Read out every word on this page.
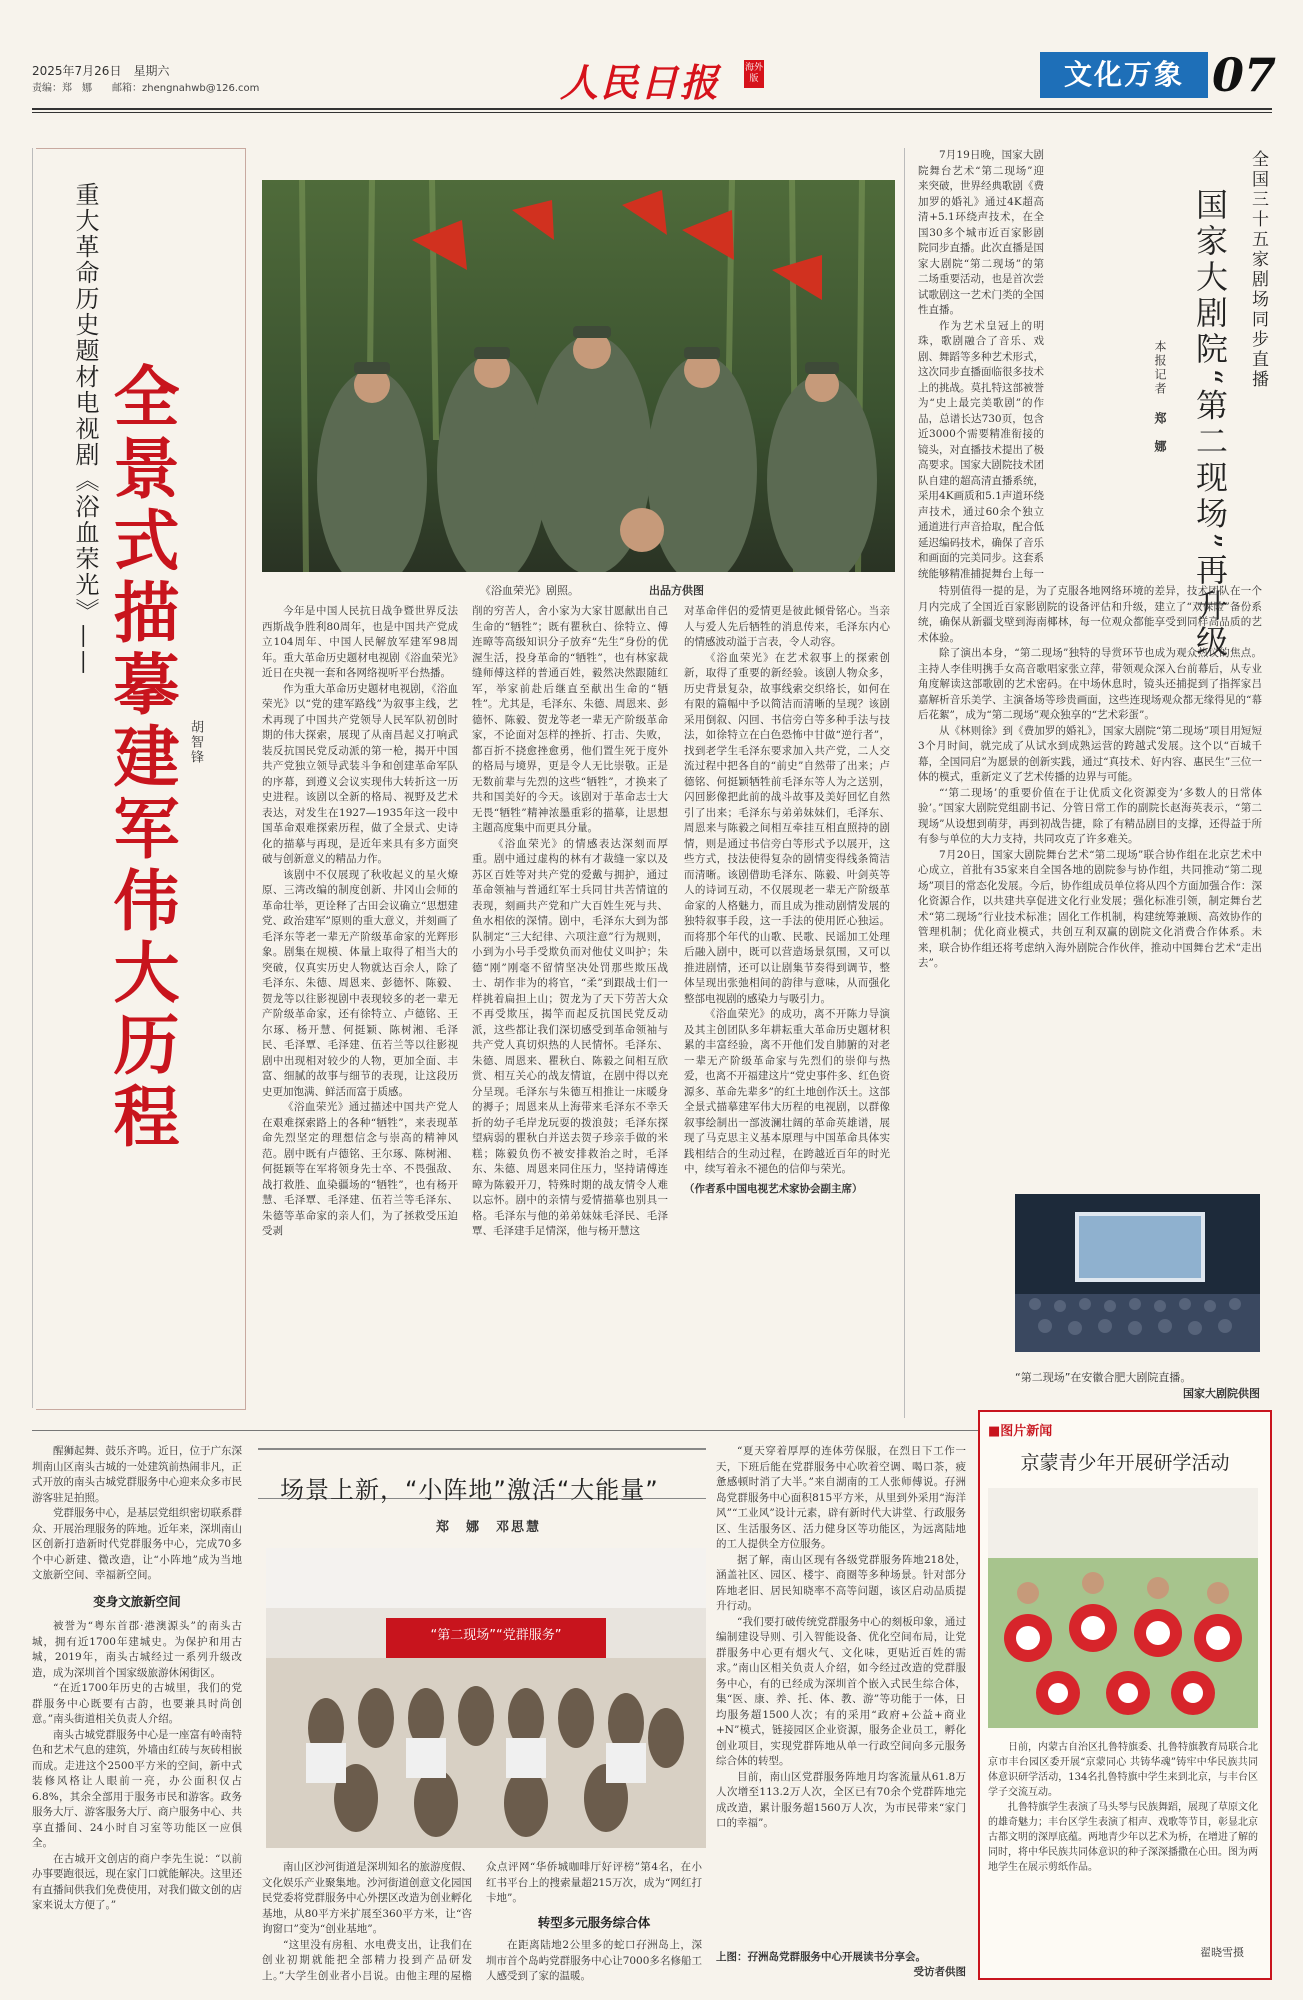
2025年7月26日　星期六
责编：郑　娜　　邮箱：zhengnahwb@126.com	人民日报	海外版	文化万象 07
重大革命历史题材电视剧《浴血荣光》—— 全景式描摹建军伟大历程 胡智锋
《浴血荣光》剧照。	出品方供图

今年是中国人民抗日战争暨世界反法西斯战争胜利80周年，也是中国共产党成立104周年、中国人民解放军建军98周年。重大革命历史题材电视剧《浴血荣光》近日在央视一套和各网络视听平台热播。

作为重大革命历史题材电视剧，《浴血荣光》以“党的建军路线”为叙事主线，艺术再现了中国共产党领导人民军队初创时期的伟大探索，展现了从南昌起义打响武装反抗国民党反动派的第一枪，揭开中国共产党独立领导武装斗争和创建革命军队的序幕，到遵义会议实现伟大转折这一历史进程。该剧以全新的格局、视野及艺术表达，对发生在1927—1935年这一段中国革命艰难探索历程，做了全景式、史诗化的描摹与再现，是近年来具有多方面突破与创新意义的精品力作。

该剧中不仅展现了秋收起义的星火燎原、三湾改编的制度创新、井冈山会师的革命壮举，更诠释了古田会议确立“思想建党、政治建军”原则的重大意义，并刻画了毛泽东等老一辈无产阶级革命家的光辉形象。剧集在规模、体量上取得了相当大的突破，仅真实历史人物就达百余人，除了毛泽东、朱德、周恩来、彭德怀、陈毅、贺龙等以往影视剧中表现较多的老一辈无产阶级革命家，还有徐特立、卢德铭、王尔琢、杨开慧、何挺颖、陈树湘、毛泽民、毛泽覃、毛泽建、伍若兰等以往影视剧中出现相对较少的人物，更加全面、丰富、细腻的故事与细节的表现，让这段历史更加饱满、鲜活而富于质感。

《浴血荣光》通过描述中国共产党人在艰难探索路上的各种“牺牲”，来表现革命先烈坚定的理想信念与崇高的精神风范。剧中既有卢德铭、王尔琢、陈树湘、何挺颖等在军将领身先士卒、不畏强敌、战打救胜、血染疆场的“牺牲”，也有杨开慧、毛泽覃、毛泽建、伍若兰等毛泽东、朱德等革命家的亲人们，为了拯救受压迫受剥

削的穷苦人，舍小家为大家甘愿献出自己生命的“牺牲”；既有瞿秋白、徐特立、傅连暲等高级知识分子放弃“先生”身份的优渥生活，投身革命的“牺牲”，也有林家裁缝师傅这样的普通百姓，毅然决然跟随红军，举家前赴后继直至献出生命的“牺牲”。尤其是，毛泽东、朱德、周恩来、彭德怀、陈毅、贺龙等老一辈无产阶级革命家，不论面对怎样的挫折、打击、失败，都百折不挠愈挫愈勇，他们置生死于度外的格局与境界，更是令人无比崇敬。正是无数前辈与先烈的这些“牺牲”，才换来了共和国美好的今天。该剧对于革命志士大无畏“牺牲”精神浓墨重彩的描摹，让思想主题高度集中而更具分量。

《浴血荣光》的情感表达深刻而厚重。剧中通过虚构的林有才裁缝一家以及苏区百姓等对共产党的爱戴与拥护，通过革命领袖与普通红军士兵同甘共苦情谊的表现，刻画共产党和广大百姓生死与共、鱼水相依的深情。剧中，毛泽东大到为部队制定“三大纪律、六项注意”行为规则，小到为小号手受欺负而对他仗义叫护；朱德“刚”刚毫不留情坚决处罚那些欺压战士、胡作非为的将官，“柔”到跟战士们一样挑着扁担上山；贺龙为了天下劳苦大众不再受欺压，揭竿而起反抗国民党反动派，这些都让我们深切感受到革命领袖与共产党人真切炽热的人民情怀。毛泽东、朱德、周恩来、瞿秋白、陈毅之间相互欣赏、相互关心的战友情谊，在剧中得以充分呈现。毛泽东与朱德互相推让一床暖身的褥子；周恩来从上海带来毛泽东不幸夭折的幼子毛岸龙玩耍的拨浪鼓；毛泽东探望病弱的瞿秋白并送去贺子珍亲手做的米糕；陈毅负伤不被安排救治之时，毛泽东、朱德、周恩来同住压力，坚持请傅连暲为陈毅开刀，特殊时期的战友情令人难以忘怀。剧中的亲情与爱情描摹也别具一格。毛泽东与他的弟弟妹妹毛泽民、毛泽覃、毛泽建手足情深，他与杨开慧这

对革命伴侣的爱情更是彼此倾骨铭心。当亲人与爱人先后牺牲的消息传来，毛泽东内心的情感波动溢于言表，令人动容。

《浴血荣光》在艺术叙事上的探索创新，取得了重要的新经验。该剧人物众多，历史背景复杂，故事线索交织络长，如何在有限的篇幅中予以简洁而清晰的呈现？该剧采用倒叙、闪回、书信旁白等多种手法与技法，如徐特立在白色恐怖中甘做“逆行者”，找到老学生毛泽东要求加入共产党，二人交流过程中把各自的“前史”自然带了出来；卢德铭、何挺颖牺牲前毛泽东等人为之送别，闪回影像把此前的战斗故事及美好回忆自然引了出来；毛泽东与弟弟妹妹们，毛泽东、周恩来与陈毅之间相互牵挂互相直照持的剧情，则是通过书信旁白等形式予以展开，这些方式，技法使得复杂的剧情变得线条简洁而清晰。该剧借助毛泽东、陈毅、叶剑英等人的诗词互动，不仅展现老一辈无产阶级革命家的人格魅力，而且成为推动剧情发展的独特叙事手段，这一手法的使用匠心独运。而将那个年代的山歌、民歌、民谣加工处理后融入剧中，既可以营造场景氛围，又可以推进剧情，还可以让剧集节奏得到调节，整体呈现出张弛相间的韵律与意味，从而强化整部电视剧的感染力与吸引力。

《浴血荣光》的成功，离不开陈力导演及其主创团队多年耕耘重大革命历史题材积累的丰富经验，离不开他们发自肺腑的对老一辈无产阶级革命家与先烈们的崇仰与热爱，也离不开福建这片“党史事件多、红色资源多、革命先辈多”的红土地创作沃土。这部全景式描摹建军伟大历程的电视剧，以群像叙事绘制出一部波澜壮阔的革命英雄谱，展现了马克思主义基本原理与中国革命具体实践相结合的生动过程，在跨越近百年的时光中，续写着永不褪色的信仰与荣光。

（作者系中国电视艺术家协会副主席）

7月19日晚，国家大剧院舞台艺术“第二现场”迎来突破，世界经典歌剧《费加罗的婚礼》通过4K超高清+5.1环绕声技术，在全国30多个城市近百家影剧院同步直播。此次直播是国家大剧院“第二现场”的第二场重要活动，也是首次尝试歌剧这一艺术门类的全国性直播。

作为艺术皇冠上的明珠，歌剧融合了音乐、戏剧、舞蹈等多种艺术形式，这次同步直播面临很多技术上的挑战。莫扎特这部被誉为“史上最完美歌剧”的作品，总谱长达730页，包含近3000个需要精准衔接的镜头，对直播技术提出了极高要求。国家大剧院技术团队自建的超高清直播系统，采用4K画质和5.1声道环绕声技术，通过60余个独立通道进行声音拾取，配合低延迟编码技术，确保了音乐和画面的完美同步。这套系统能够精准捕捉舞台上每一

全国三十五家剧场同步直播
国家大剧院“第二现场”再升级
本报记者 郑　娜

特别值得一提的是，为了克服各地网络环境的差异，技术团队在一个月内完成了全国近百家影剧院的设备评估和升级，建立了“双保险”备份系统，确保从新疆戈壁到海南椰林，每一位观众都能享受到同样高品质的艺术体验。

除了演出本身，“第二现场”独特的导赏环节也成为观众热议的焦点。主持人李佳明携手女高音歌唱家张立萍，带领观众深入台前幕后，从专业角度解读这部歌剧的艺术密码。在中场休息时，镜头还捕捉到了指挥家吕嘉解析音乐美学、主演备场等珍贵画面，这些连现场观众都无缘得见的“幕后花絮”，成为“第二现场”观众独享的“艺术彩蛋”。

从《林则徐》到《费加罗的婚礼》，国家大剧院“第二现场”项目用短短3个月时间，就完成了从试水到成熟运营的跨越式发展。这个以“百城千幕，全国同启”为愿景的创新实践，通过“真技术、好内容、惠民生”三位一体的模式，重新定义了艺术传播的边界与可能。

“‘第二现场’的重要价值在于让优质文化资源变为‘多数人的日常体验’。”国家大剧院党组副书记、分管日常工作的副院长赵海英表示，“第二现场”从设想到萌芽，再到初战告捷，除了有精品剧目的支撑，还得益于所有参与单位的大力支持，共同攻克了许多难关。

7月20日，国家大剧院舞台艺术“第二现场”联合协作组在北京艺术中心成立，首批有35家来自全国各地的剧院参与协作组，共同推动“第二现场”项目的常态化发展。今后，协作组成员单位将从四个方面加强合作：深化资源合作，以共建共享促进文化行业发展；强化标准引领，制定舞台艺术“第二现场”行业技术标准；固化工作机制，构建统筹兼顾、高效协作的管理机制；优化商业模式，共创互利双赢的剧院文化消费合作体系。未来，联合协作组还将考虑纳入海外剧院合作伙伴，推动中国舞台艺术“走出去”。

“第二现场”在安徽合肥大剧院直播。
国家大剧院供图

醒狮起舞、鼓乐齐鸣。近日，位于广东深圳南山区南头古城的一处建筑前热闹非凡，正式开放的南头古城党群服务中心迎来众多市民游客驻足拍照。

党群服务中心，是基层党组织密切联系群众、开展治理服务的阵地。近年来，深圳南山区创新打造新时代党群服务中心，完成70多个中心新建、微改造，让“小阵地”成为当地文旅新空间、幸福新空间。

变身文旅新空间

被誉为“粤东首郡·港澳源头”的南头古城，拥有近1700年建城史。为保护和用古城，2019年，南头古城经过一系列升级改造，成为深圳首个国家级旅游休闲街区。

“在近1700年历史的古城里，我们的党群服务中心既要有古韵，也要兼具时尚创意。”南头街道相关负责人介绍。

南头古城党群服务中心是一座富有岭南特色和艺术气息的建筑，外墙由红砖与灰砖相嵌而成。走进这个2500平方米的空间，新中式装修风格让人眼前一亮，办公面积仅占6.8%，其余全部用于服务市民和游客。政务服务大厅、游客服务大厅、商户服务中心、共享直播间、24小时自习室等功能区一应俱全。

在古城开文创店的商户李先生说：“以前办事要跑很远，现在家门口就能解决。这里还有直播间供我们免费使用，对我们做文创的店家来说太方便了。”

场景上新，“小阵地”激活“大能量”
郑　娜　邓思慧
“第二现场”“党群服务”

南山区沙河街道是深圳知名的旅游度假、文化娱乐产业聚集地。沙河街道创意文化园国民党委将党群服务中心外摆区改造为创业孵化基地，从80平方米扩展至360平方米，让“咨询窗口”变为“创业基地”。

“这里没有房租、水电费支出，让我们在创业初期就能把全部精力投到产品研发上。”大学生创业者小吕说。由他主理的屋檐

众点评网“华侨城咖啡厅好评榜”第4名，在小红书平台上的搜索量超215万次，成为“网红打卡地”。

转型多元服务综合体

在距离陆地2公里多的蛇口孖洲岛上，深圳市首个岛屿党群服务中心让7000多名修船工人感受到了家的温暖。

“夏天穿着厚厚的连体劳保服，在烈日下工作一天，下班后能在党群服务中心吹着空调、喝口茶，疲惫感顿时消了大半。”来自湖南的工人张师傅说。孖洲岛党群服务中心面积815平方米，从里到外采用“海洋风”“工业风”设计元素，辟有新时代大讲堂、行政服务区、生活服务区、活力健身区等功能区，为远离陆地的工人提供全方位服务。

据了解，南山区现有各级党群服务阵地218处，涵盖社区、园区、楼宇、商圈等多种场景。针对部分阵地老旧、居民知晓率不高等问题，该区启动品质提升行动。

“我们要打破传统党群服务中心的刻板印象，通过编制建设导则、引入智能设备、优化空间布局，让党群服务中心更有烟火气、文化味，更贴近百姓的需求。”南山区相关负责人介绍，如今经过改造的党群服务中心，有的已经成为深圳首个嵌入式民生综合体，集“医、康、养、托、体、教、游”等功能于一体，日均服务超1500人次；有的采用“政府+公益+商业+N”模式，链接园区企业资源，服务企业员工，孵化创业项目，实现党群阵地从单一行政空间向多元服务综合体的转型。

目前，南山区党群服务阵地月均客流量从61.8万人次增至113.2万人次，全区已有70余个党群阵地完成改造，累计服务超1560万人次，为市民带来“家门口的幸福”。

上图：孖洲岛党群服务中心开展读书分享会。
受访者供图
■图片新闻
京蒙青少年开展研学活动

日前，内蒙古自治区扎鲁特旗委、扎鲁特旗教育局联合北京市丰台园区委开展“京蒙同心 共铸华魂”铸牢中华民族共同体意识研学活动，134名扎鲁特旗中学生来到北京，与丰台区学子交流互动。

扎鲁特旗学生表演了马头琴与民族舞蹈，展现了草原文化的雄奇魅力；丰台区学生表演了相声、戏歌等节目，彰显北京古都文明的深厚底蕴。两地青少年以艺术为桥，在增进了解的同时，将中华民族共同体意识的种子深深播撒在心田。图为两地学生在展示剪纸作品。

翟晓雪摄
